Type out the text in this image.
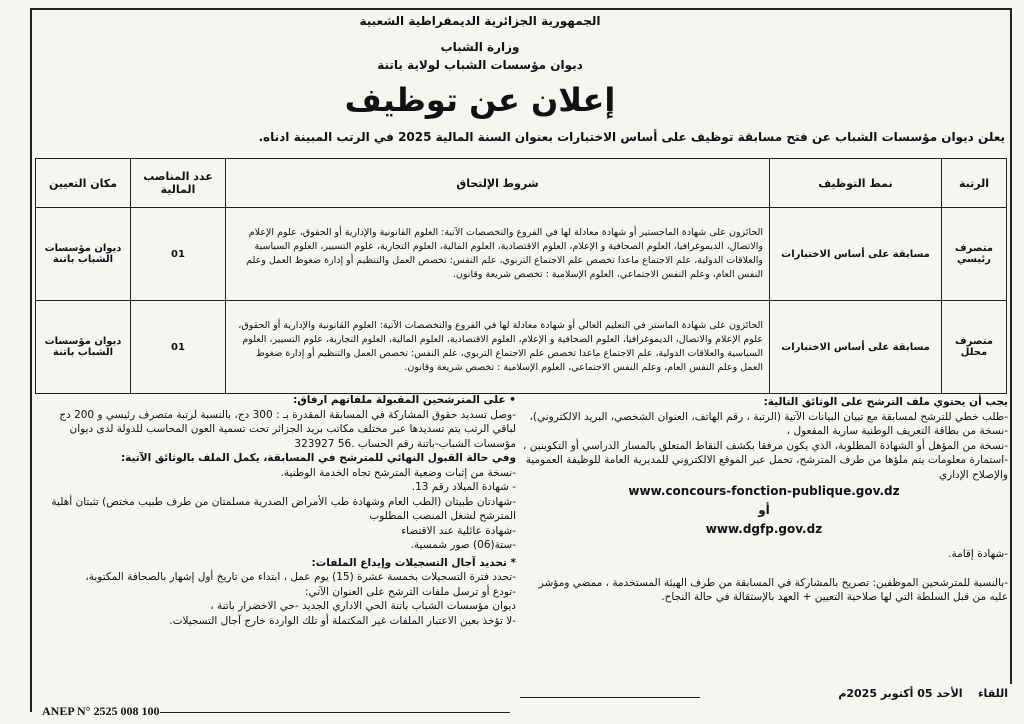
الجمهورية الجزائرية الديمقراطية الشعبية
وزارة الشباب
ديوان مؤسسات الشباب لولاية باتنة
إعلان عن توظيف
يعلن ديوان مؤسسات الشباب عن فتح مسابقة توظيف على أساس الاختبارات بعنوان السنة المالية 2025 في الرتب المبينة ادناه.
الرتبة	نمط التوظيف	شروط الإلتحاق	عدد المناصب المالية	مكان التعيين
متصرف رئيسي	مسابقة على أساس الاختبارات	الحائزون على شهادة الماجستير أو شهادة معادلة لها في الفروع والتخصصات الآتية: العلوم القانونية والإدارية أو الحقوق، علوم الإعلام والاتصال، الديموغرافيا، العلوم الصحافية و الإعلام، العلوم الاقتصادية، العلوم المالية، العلوم التجارية، علوم التسيير، العلوم السياسية والعلاقات الدولية، علم الاجتماع ماعدا تخصص علم الاجتماع التربوي، علم النفس: تخصص العمل والتنظيم أو إدارة ضغوط العمل وعلم النفس العام، وعلم النفس الاجتماعي، العلوم الإسلامية : تخصص شريعة وقانون.	01	ديوان مؤسسات الشباب باتنة
متصرف محلل	مسابقة على أساس الاختبارات	الحائزون على شهادة الماستر في التعليم العالي أو شهادة معادلة لها في الفروع والتخصصات الآتية: العلوم القانونية والإدارية أو الحقوق، علوم الإعلام والاتصال، الديموغرافيا، العلوم الصحافية و الإعلام، العلوم الاقتصادية، العلوم المالية، العلوم التجارية، علوم التسيير، العلوم السياسية والعلاقات الدولية، علم الاجتماع ماعدا تخصص علم الاجتماع التربوي، علم النفس: تخصص العمل والتنظيم أو إدارة ضغوط العمل وعلم النفس العام، وعلم النفس الاجتماعي، العلوم الإسلامية : تخصص شريعة وقانون.	01	ديوان مؤسسات الشباب باتنة
يجب أن يحتوي ملف الترشح على الوثائق التالية:
-طلب خطي للترشح لمسابقة مع تبيان البيانات الآتية (الرتبة ، رقم الهاتف، العنوان الشخصي، البريد الالكتروني)،
-نسخة من بطاقة التعريف الوطنية سارية المفعول ،
-نسخة من المؤهل أو الشهادة المطلوبة، الذي يكون مرفقا بكشف النقاط المتعلق بالمسار الدراسي أو التكوينين ،
-استمارة معلومات يتم ملؤها من طرف المترشح، تحمل عبر الموقع الالكتروني للمديرية العامة للوظيفة العمومية والإصلاح الإداري
www.concours-fonction-publique.gov.dz
أو
www.dgfp.gov.dz
-شهادة إقامة.
-بالنسبة للمترشحين الموظفين: تصريح بالمشاركة في المسابقة من طرف الهيئة المستخدمة ، ممضي ومؤشر عليه من قبل السلطة التي لها صلاحية التعيين + العهد بالإستقالة في حالة النجاح.
• على المترشحين المقبولة ملفاتهم ارفاق:
-وصل تسديد حقوق المشاركة في المسابقة المقدرة بـ : 300 دج، بالنسبة لرتبة متصرف رئيسي و 200 دج لباقي الرتب يتم تسديدها عبر مختلف مكاتب بريد الجزائر تحت تسمية العون المحاسب للدولة لدى ديوان مؤسسات الشباب-باتنة رقم الحساب .56 323927
وفي حالة القبول النهائي للمترشح في المسابقة، يكمل الملف بالوثائق الآتية:
-نسخة من إثبات وضعية المترشح تجاه الخدمة الوطنية.
- شهادة الميلاد رقم 13.
-شهادتان طبيتان (الطب العام وشهادة طب الأمراض الصدرية مسلمتان من طرف طبيب مختص) تثبتان أهلية المترشح لشغل المنصب المطلوب
-شهادة عائلية عند الاقتضاء
-ستة(06) صور شمسية.
* تحديد آجال التسجيلات وإيداع الملفات:
-تحدد فترة التسجيلات بخمسة عشرة (15) يوم عمل ، ابتداء من تاريخ أول إشهار بالصحافة المكتوبة،
-تودع أو ترسل ملفات الترشح على العنوان الآتي:
ديوان مؤسسات الشباب باتنة الحي الاداري الجديد -حي الاخضرار باتنة ،
-لا تؤخذ بعين الاعتبار الملفات غير المكتملة أو تلك الواردة خارج آجال التسجيلات.
اللقاء    الأحد 05 أكتوبر 2025م
ANEP N° 2525 008 100
